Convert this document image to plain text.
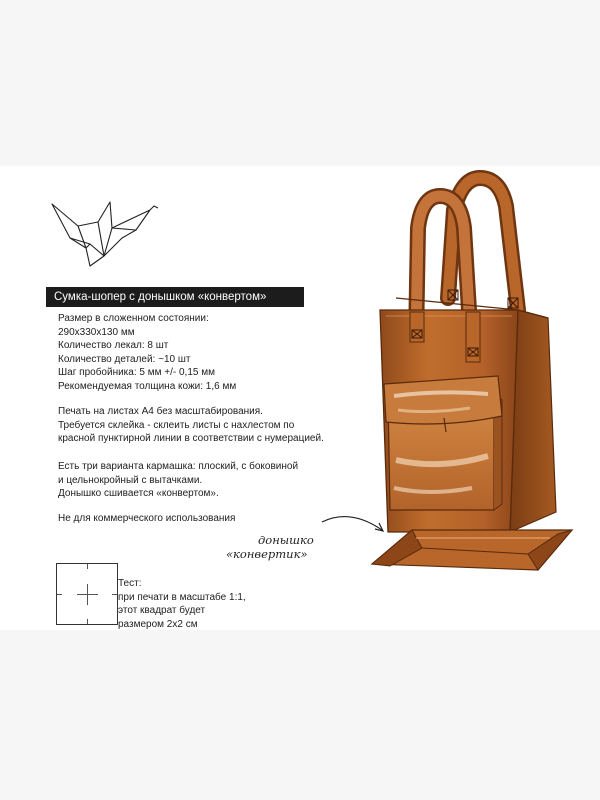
Сумка-шопер с донышком «конвертом»
Размер в сложенном состоянии:
290х330х130 мм
Количество лекал: 8 шт
Количество деталей: ~10 шт
Шаг пробойника: 5 мм +/- 0,15 мм
Рекомендуемая толщина кожи: 1,6 мм
Печать на листах А4 без масштабирования.
Требуется склейка - склеить листы с нахлестом по
красной пунктирной линии в соответствии с нумерацией.
Есть три варианта кармашка: плоский, с боковиной
и цельнокройный с вытачками.
Донышко сшивается «конвертом».
Не для коммерческого использования
Тест:
при печати в масштабе 1:1,
этот квадрат будет
размером 2х2 см
донышко
«конвертик»
